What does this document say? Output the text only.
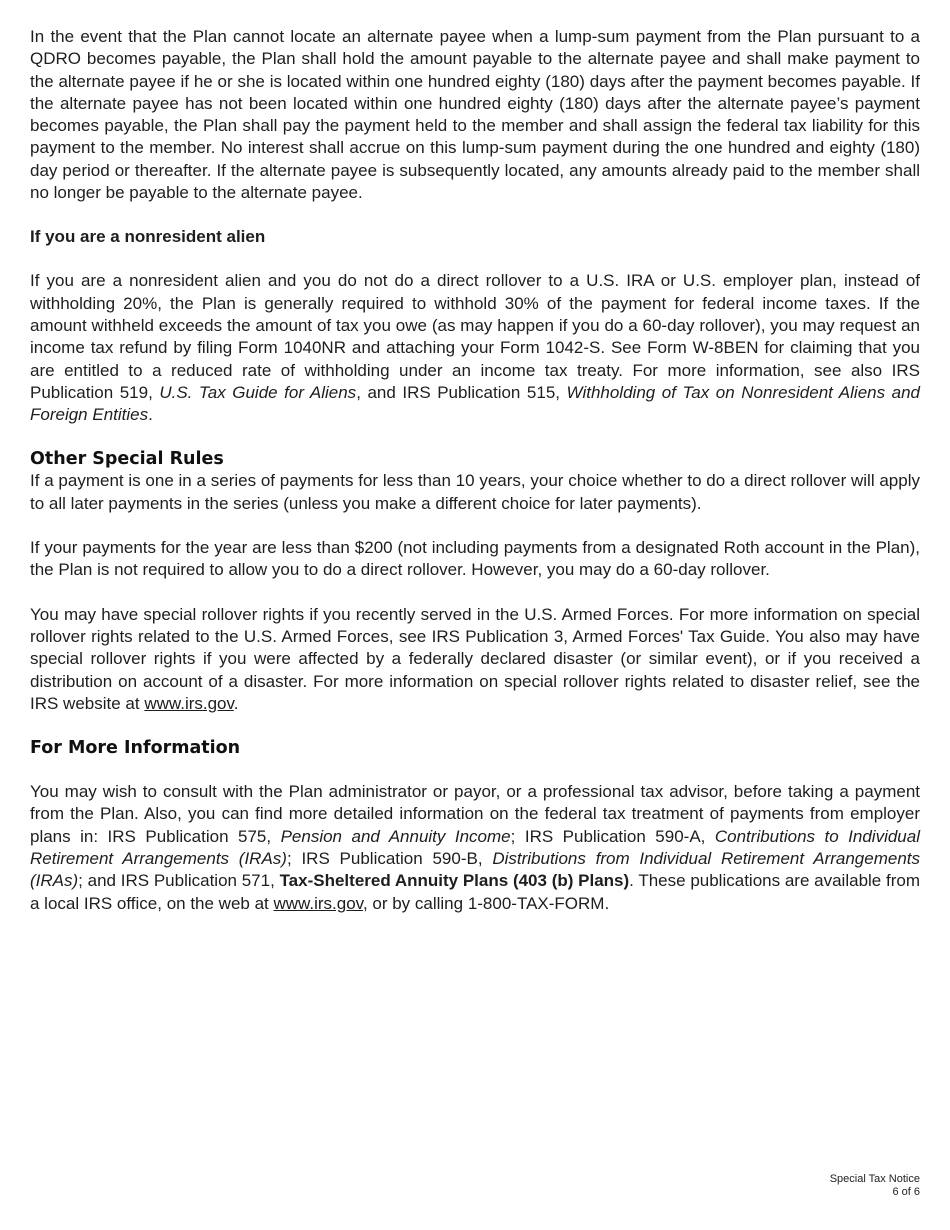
In the event that the Plan cannot locate an alternate payee when a lump-sum payment from the Plan pursuant to a QDRO becomes payable, the Plan shall hold the amount payable to the alternate payee and shall make payment to the alternate payee if he or she is located within one hundred eighty (180) days after the payment becomes payable. If the alternate payee has not been located within one hundred eighty (180) days after the alternate payee’s payment becomes payable, the Plan shall pay the payment held to the member and shall assign the federal tax liability for this payment to the member. No interest shall accrue on this lump-sum payment during the one hundred and eighty (180) day period or thereafter. If the alternate payee is subsequently located, any amounts already paid to the member shall no longer be payable to the alternate payee.

If you are a nonresident alien

If you are a nonresident alien and you do not do a direct rollover to a U.S. IRA or U.S. employer plan, instead of withholding 20%, the Plan is generally required to withhold 30% of the payment for federal income taxes. If the amount withheld exceeds the amount of tax you owe (as may happen if you do a 60-day rollover), you may request an income tax refund by filing Form 1040NR and attaching your Form 1042-S. See Form W-8BEN for claiming that you are entitled to a reduced rate of withholding under an income tax treaty. For more information, see also IRS Publication 519, U.S. Tax Guide for Aliens, and IRS Publication 515, Withholding of Tax on Nonresident Aliens and Foreign Entities.

Other Special Rules

If a payment is one in a series of payments for less than 10 years, your choice whether to do a direct rollover will apply to all later payments in the series (unless you make a different choice for later payments).

If your payments for the year are less than $200 (not including payments from a designated Roth account in the Plan), the Plan is not required to allow you to do a direct rollover. However, you may do a 60-day rollover.

You may have special rollover rights if you recently served in the U.S. Armed Forces. For more information on special rollover rights related to the U.S. Armed Forces, see IRS Publication 3, Armed Forces' Tax Guide. You also may have special rollover rights if you were affected by a federally declared disaster (or similar event), or if you received a distribution on account of a disaster. For more information on special rollover rights related to disaster relief, see the IRS website at www.irs.gov.

For More Information

You may wish to consult with the Plan administrator or payor, or a professional tax advisor, before taking a payment from the Plan. Also, you can find more detailed information on the federal tax treatment of payments from employer plans in: IRS Publication 575, Pension and Annuity Income; IRS Publication 590-A, Contributions to Individual Retirement Arrangements (IRAs); IRS Publication 590-B, Distributions from Individual Retirement Arrangements (IRAs); and IRS Publication 571, Tax-Sheltered Annuity Plans (403 (b) Plans). These publications are available from a local IRS office, on the web at www.irs.gov, or by calling 1-800-TAX-FORM.

Special Tax Notice
6 of 6
